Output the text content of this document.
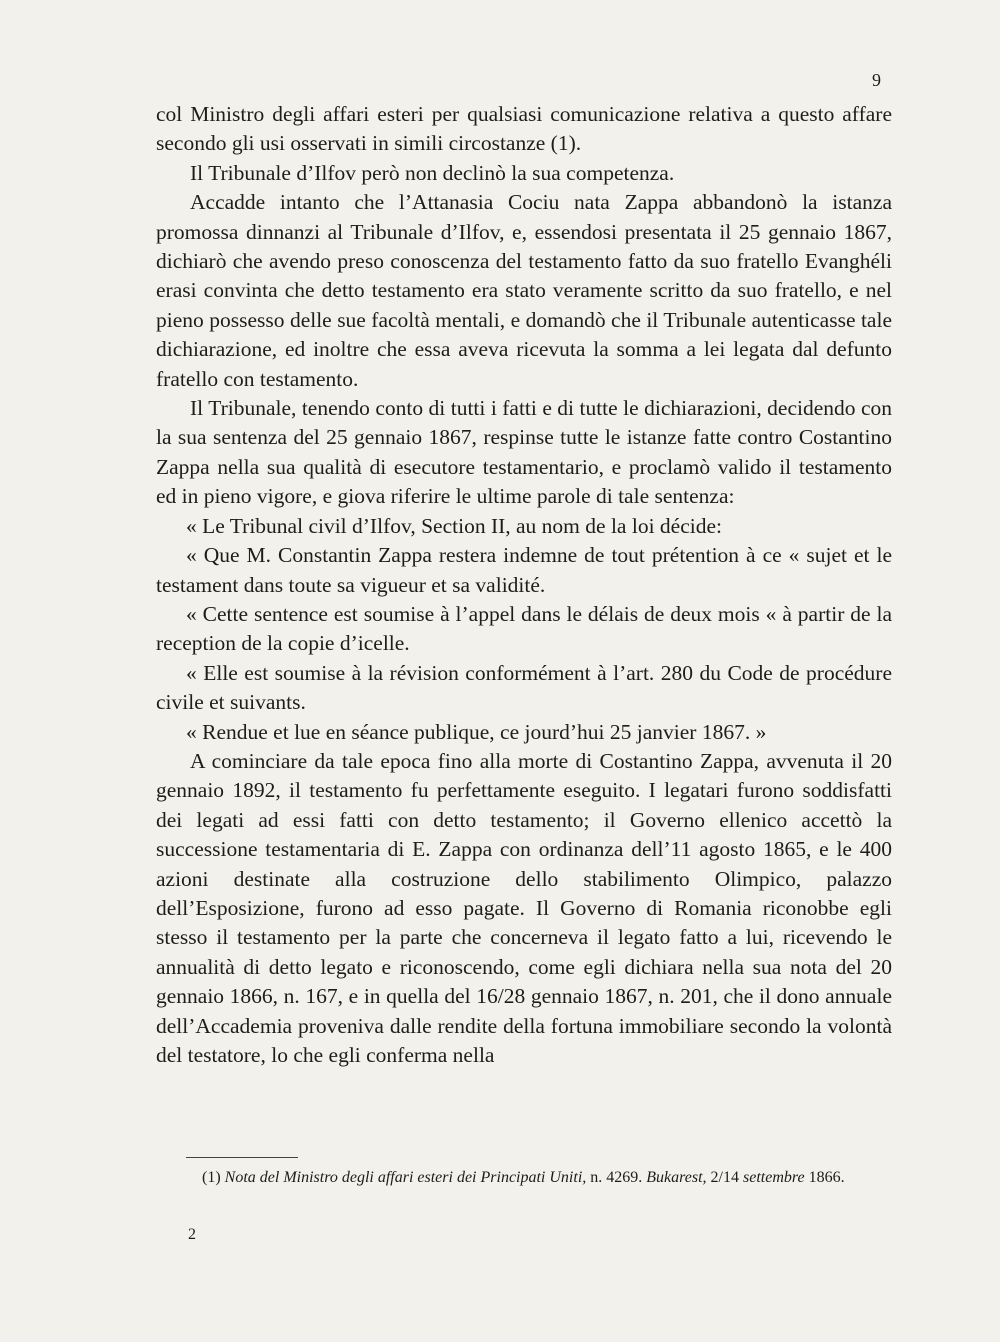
9

col Ministro degli affari esteri per qualsiasi comunicazione relativa a questo affare secondo gli usi osservati in simili circostanze (1).

Il Tribunale d’Ilfov però non declinò la sua competenza.

Accadde intanto che l’Attanasia Cociu nata Zappa abbandonò la istanza promossa dinnanzi al Tribunale d’Ilfov, e, essendosi presentata il 25 gennaio 1867, dichiarò che avendo preso conoscenza del testamento fatto da suo fratello Evanghéli erasi convinta che detto testamento era stato veramente scritto da suo fratello, e nel pieno possesso delle sue facoltà mentali, e domandò che il Tribunale autenticasse tale dichiarazione, ed inoltre che essa aveva ricevuta la somma a lei legata dal defunto fratello con testamento.

Il Tribunale, tenendo conto di tutti i fatti e di tutte le dichiarazioni, decidendo con la sua sentenza del 25 gennaio 1867, respinse tutte le istanze fatte contro Costantino Zappa nella sua qualità di esecutore testamentario, e proclamò valido il testamento ed in pieno vigore, e giova riferire le ultime parole di tale sentenza:

« Le Tribunal civil d’Ilfov, Section II, au nom de la loi décide:

« Que M. Constantin Zappa restera indemne de tout prétention à ce « sujet et le testament dans toute sa vigueur et sa validité.

« Cette sentence est soumise à l’appel dans le délais de deux mois « à partir de la reception de la copie d’icelle.

« Elle est soumise à la révision conformément à l’art. 280 du Code de procédure civile et suivants.

« Rendue et lue en séance publique, ce jourd’hui 25 janvier 1867. »

A cominciare da tale epoca fino alla morte di Costantino Zappa, avvenuta il 20 gennaio 1892, il testamento fu perfettamente eseguito. I legatari furono soddisfatti dei legati ad essi fatti con detto testamento; il Governo ellenico accettò la successione testamentaria di E. Zappa con ordinanza dell’11 agosto 1865, e le 400 azioni destinate alla costruzione dello stabilimento Olimpico, palazzo dell’Esposizione, furono ad esso pagate. Il Governo di Romania riconobbe egli stesso il testamento per la parte che concerneva il legato fatto a lui, ricevendo le annualità di detto legato e riconoscendo, come egli dichiara nella sua nota del 20 gennaio 1866, n. 167, e in quella del 16/28 gennaio 1867, n. 201, che il dono annuale dell’Accademia proveniva dalle rendite della fortuna immobiliare secondo la volontà del testatore, lo che egli conferma nella

(1) Nota del Ministro degli affari esteri dei Principati Uniti, n. 4269. Bukarest, 2/14 settembre 1866.
2
